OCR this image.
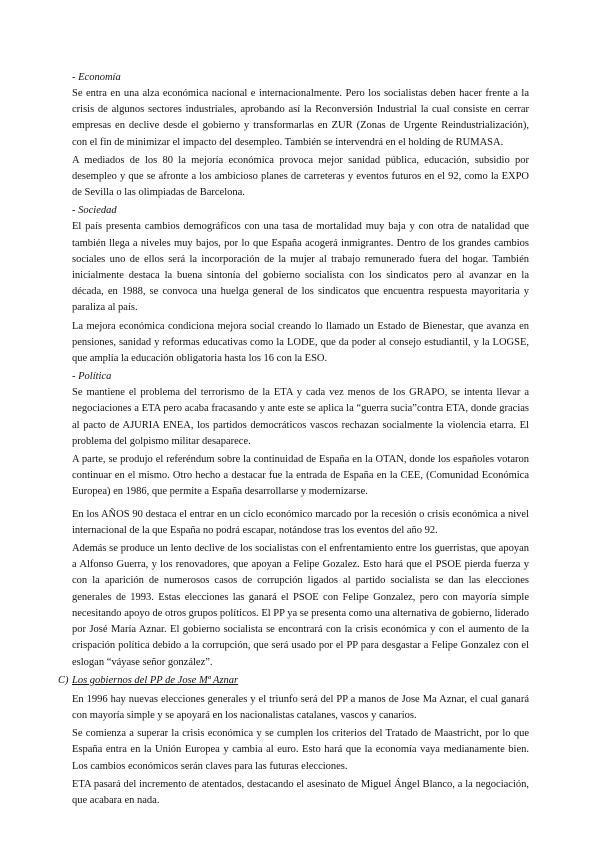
- Economía

Se entra en una alza económica nacional e internacionalmente. Pero los socialistas deben hacer frente a la crisis de algunos sectores industriales, aprobando así la Reconversión Industrial la cual consiste en cerrar empresas en declive desde el gobierno y transformarlas en ZUR (Zonas de Urgente Reindustrialización), con el fin de minimizar el impacto del desempleo. También se intervendrá en el holding de RUMASA.

A mediados de los 80 la mejoría económica provoca mejor sanidad pública, educación, subsidio por desempleo y que se afronte a los ambicioso planes de carreteras y eventos futuros en el 92, como la EXPO de Sevilla o las olimpiadas de Barcelona.

- Sociedad

El país presenta cambios demográficos con una tasa de mortalidad muy baja y con otra de natalidad que también llega a niveles muy bajos, por lo que España acogerá inmigrantes. Dentro de los grandes cambios sociales uno de ellos será la incorporación de la mujer al trabajo remunerado fuera del hogar. También inicialmente destaca la buena sintonía del gobierno socialista con los sindicatos pero al avanzar en la década, en 1988, se convoca una huelga general de los sindicatos que encuentra respuesta mayoritaria y paraliza al país.

La mejora económica condiciona mejora social creando lo llamado un Estado de Bienestar, que avanza en pensiones, sanidad y reformas educativas como la LODE, que da poder al consejo estudiantil, y la LOGSE, que amplía la educación obligatoria hasta los 16 con la ESO.

- Política

Se mantiene el problema del terrorismo de la ETA y cada vez menos de los GRAPO, se intenta llevar a negociaciones a ETA pero acaba fracasando y ante este se aplica la “guerra sucia”contra ETA, donde gracias al pacto de AJURIA ENEA, los partidos democráticos vascos rechazan socialmente la violencia etarra. El problema del golpismo militar desaparece.

A parte, se produjo el referéndum sobre la continuidad de España en la OTAN, donde los españoles votaron continuar en el mismo. Otro hecho a destacar fue la entrada de España en la CEE, (Comunidad Económica Europea) en 1986, que permite a España desarrollarse y modernizarse.

En los AÑOS 90 destaca el entrar en un ciclo económico marcado por la recesión o crisis económica a nivel internacional de la que España no podrá escapar, notándose tras los eventos del año 92.

Además se produce un lento declive de los socialistas con el enfrentamiento entre los guerristas, que apoyan a Alfonso Guerra, y los renovadores, que apoyan a Felipe Gozalez. Esto hará que el PSOE pierda fuerza y con la aparición de numerosos casos de corrupción ligados al partido socialista se dan las elecciones generales de 1993. Estas elecciones las ganará el PSOE con Felipe Gonzalez, pero con mayoría simple necesitando apoyo de otros grupos políticos. El PP ya se presenta como una alternativa de gobierno, liderado por José María Aznar. El gobierno socialista se encontrará con la crisis económica y con el aumento de la crispación política debido a la corrupción, que será usado por el PP para desgastar a Felipe Gonzalez con el eslogan “váyase señor gonzález”.

C) Los gobiernos del PP de Jose Mª Aznar

En 1996 hay nuevas elecciones generales y el triunfo será del PP a manos de Jose Ma Aznar, el cual ganará con mayoría simple y se apoyará en los nacionalistas catalanes, vascos y canarios.

Se comienza a superar la crisis económica y se cumplen los criterios del Tratado de Maastricht, por lo que España entra en la Unión Europea y cambia al euro. Esto hará que la economía vaya medianamente bien. Los cambios económicos serán claves para las futuras elecciones.

ETA pasará del incremento de atentados, destacando el asesinato de Miguel Ángel Blanco, a la negociación, que acabara en nada.
